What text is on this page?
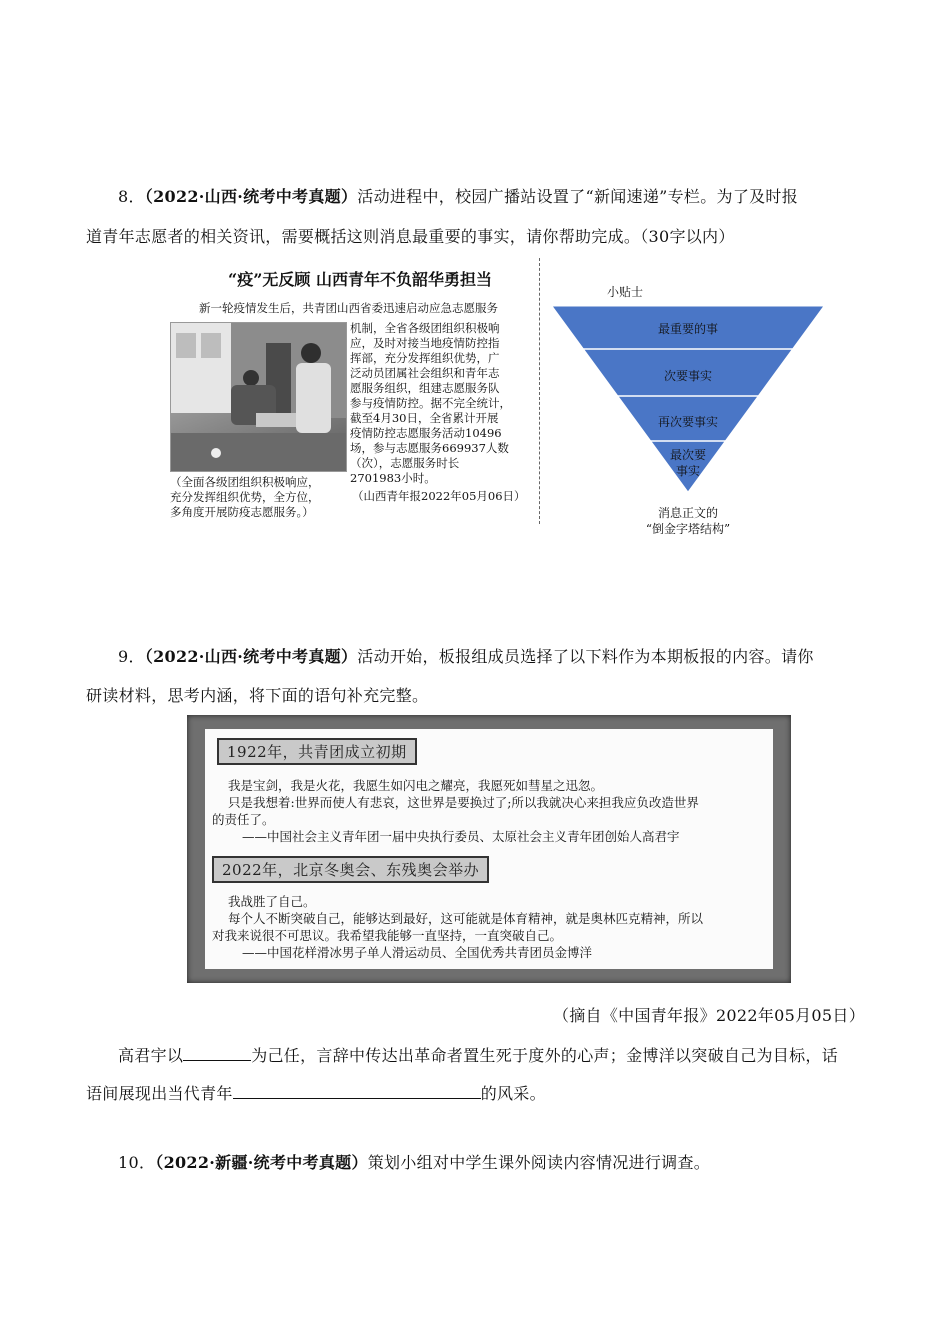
8．（2022·山西·统考中考真题）活动进程中，校园广播站设置了“新闻速递”专栏。为了及时报
道青年志愿者的相关资讯，需要概括这则消息最重要的事实，请你帮助完成。（30字以内）
“疫”无反顾 山西青年不负韶华勇担当
新一轮疫情发生后，共青团山西省委迅速启动应急志愿服务
机制，全省各级团组织积极响
应，及时对接当地疫情防控指
挥部，充分发挥组织优势，广
泛动员团属社会组织和青年志
愿服务组织，组建志愿服务队
参与疫情防控。据不完全统计，
截至4月30日，全省累计开展
疫情防控志愿服务活动10496
场，参与志愿服务669937人数
（次），志愿服务时长
2701983小时。
（全面各级团组织积极响应，
充分发挥组织优势，全方位，
多角度开展防疫志愿服务。）
（山西青年报2022年05月06日）
小贴士
最重要的事
次要事实
再次要事实
最次要
事实
消息正文的
“倒金字塔结构”
9．（2022·山西·统考中考真题）活动开始，板报组成员选择了以下料作为本期板报的内容。请你
研读材料，思考内涵，将下面的语句补充完整。
1922年，共青团成立初期
我是宝剑，我是火花，我愿生如闪电之耀亮，我愿死如彗星之迅忽。
只是我想着:世界而使人有悲哀，这世界是要换过了;所以我就决心来担我应负改造世界
的责任了。
——中国社会主义青年团一届中央执行委员、太原社会主义青年团创始人高君宇
2022年，北京冬奥会、东残奥会举办
我战胜了自己。
每个人不断突破自己，能够达到最好，这可能就是体育精神，就是奥林匹克精神，所以
对我来说很不可思议。我希望我能够一直坚持，一直突破自己。
——中国花样滑冰男子单人滑运动员、全国优秀共青团员金博洋
（摘自《中国青年报》2022年05月05日）
高君宇以	为己任，言辞中传达出革命者置生死于度外的心声；金博洋以突破自己为目标，话
语间展现出当代青年	的风采。
10．（2022·新疆·统考中考真题）策划小组对中学生课外阅读内容情况进行调查。
